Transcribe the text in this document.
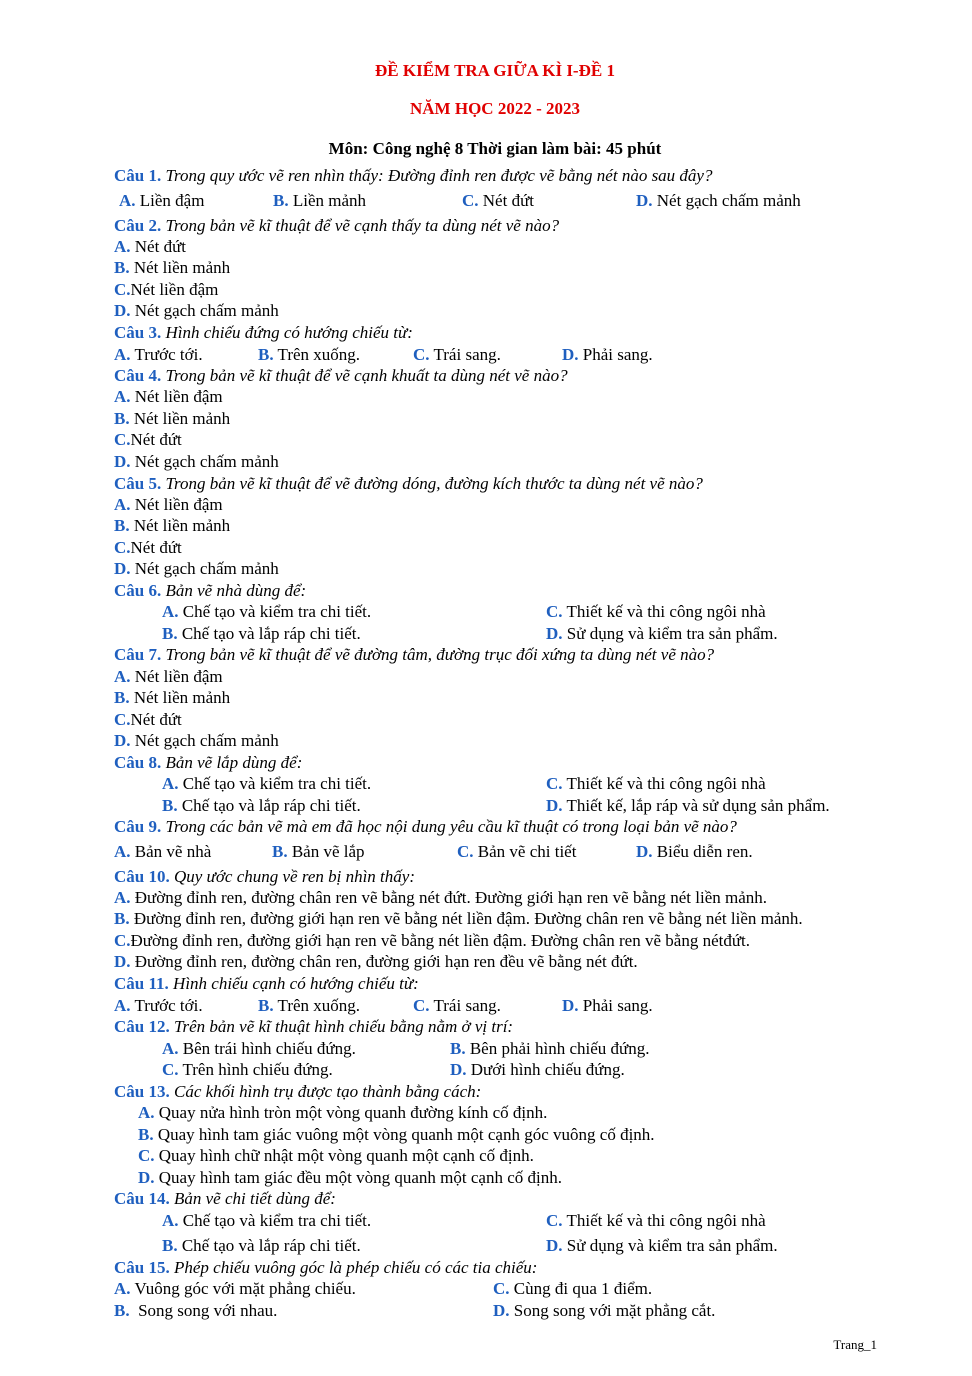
ĐỀ KIỂM TRA GIỮA KÌ I-ĐỀ 1
NĂM HỌC 2022 - 2023
Môn: Công nghệ 8 Thời gian làm bài: 45 phút
Câu 1. Trong quy ước vẽ ren nhìn thấy: Đường đỉnh ren được vẽ bằng nét nào sau đây?
A. Liền đậm	B. Liền mảnh	C. Nét đứt	D. Nét gạch chấm mảnh
Câu 2. Trong bản vẽ kĩ thuật để vẽ cạnh thấy ta dùng nét vẽ nào?
A. Nét đứt
B. Nét liền mảnh
C.Nét liền đậm
D. Nét gạch chấm mảnh
Câu 3. Hình chiếu đứng có hướng chiếu từ:
A. Trước tới.	B. Trên xuống.	C. Trái sang.	D. Phải sang.
Câu 4. Trong bản vẽ kĩ thuật để vẽ cạnh khuất ta dùng nét vẽ nào?
A. Nét liền đậm
B. Nét liền mảnh
C.Nét đứt
D. Nét gạch chấm mảnh
Câu 5. Trong bản vẽ kĩ thuật để vẽ đường dóng, đường kích thước ta dùng nét vẽ nào?
A. Nét liền đậm
B. Nét liền mảnh
C.Nét đứt
D. Nét gạch chấm mảnh
Câu 6. Bản vẽ nhà dùng để:
A. Chế tạo và kiểm tra chi tiết.	C. Thiết kế và thi công ngôi nhà
B. Chế tạo và lắp ráp chi tiết.	D. Sử dụng và kiểm tra sản phẩm.
Câu 7. Trong bản vẽ kĩ thuật để vẽ đường tâm, đường trục đối xứng ta dùng nét vẽ nào?
A. Nét liền đậm
B. Nét liền mảnh
C.Nét đứt
D. Nét gạch chấm mảnh
Câu 8. Bản vẽ lắp dùng để:
A. Chế tạo và kiểm tra chi tiết.	C. Thiết kế và thi công ngôi nhà
B. Chế tạo và lắp ráp chi tiết.	D. Thiết kế, lắp ráp và sử dụng sản phẩm.
Câu 9. Trong các bản vẽ mà em đã học nội dung yêu cầu kĩ thuật có trong loại bản vẽ nào?
A. Bản vẽ nhà	B. Bản vẽ lắp	C. Bản vẽ chi tiết	D. Biểu diễn ren.
Câu 10. Quy ước chung về ren bị nhìn thấy:
A. Đường đỉnh ren, đường chân ren vẽ bằng nét đứt. Đường giới hạn ren vẽ bằng nét liền mảnh.
B. Đường đỉnh ren, đường giới hạn ren vẽ bằng nét liền đậm. Đường chân ren vẽ bằng nét liền mảnh.
C.Đường đỉnh ren, đường giới hạn ren vẽ bằng nét liền đậm. Đường chân ren vẽ bằng nétđứt.
D. Đường đỉnh ren, đường chân ren, đường giới hạn ren đều vẽ bằng nét đứt.
Câu 11. Hình chiếu cạnh có hướng chiếu từ:
A. Trước tới.	B. Trên xuống.	C. Trái sang.	D. Phải sang.
Câu 12. Trên bản vẽ kĩ thuật hình chiếu bằng nằm ở vị trí:
A. Bên trái hình chiếu đứng.	B. Bên phải hình chiếu đứng.
C. Trên hình chiếu đứng.	D. Dưới hình chiếu đứng.
Câu 13. Các khối hình trụ được tạo thành bằng cách:
A. Quay nửa hình tròn một vòng quanh đường kính cố định.
B. Quay hình tam giác vuông một vòng quanh một cạnh góc vuông cố định.
C. Quay hình chữ nhật một vòng quanh một cạnh cố định.
D. Quay hình tam giác đều một vòng quanh một cạnh cố định.
Câu 14. Bản vẽ chi tiết dùng để:
A. Chế tạo và kiểm tra chi tiết.	C. Thiết kế và thi công ngôi nhà
B. Chế tạo và lắp ráp chi tiết.	D. Sử dụng và kiểm tra sản phẩm.
Câu 15. Phép chiếu vuông góc là phép chiếu có các tia chiếu:
A. Vuông góc với mặt phẳng chiếu.	C. Cùng đi qua 1 điểm.
B. Song song với nhau.	D. Song song với mặt phẳng cắt.
Trang_1
